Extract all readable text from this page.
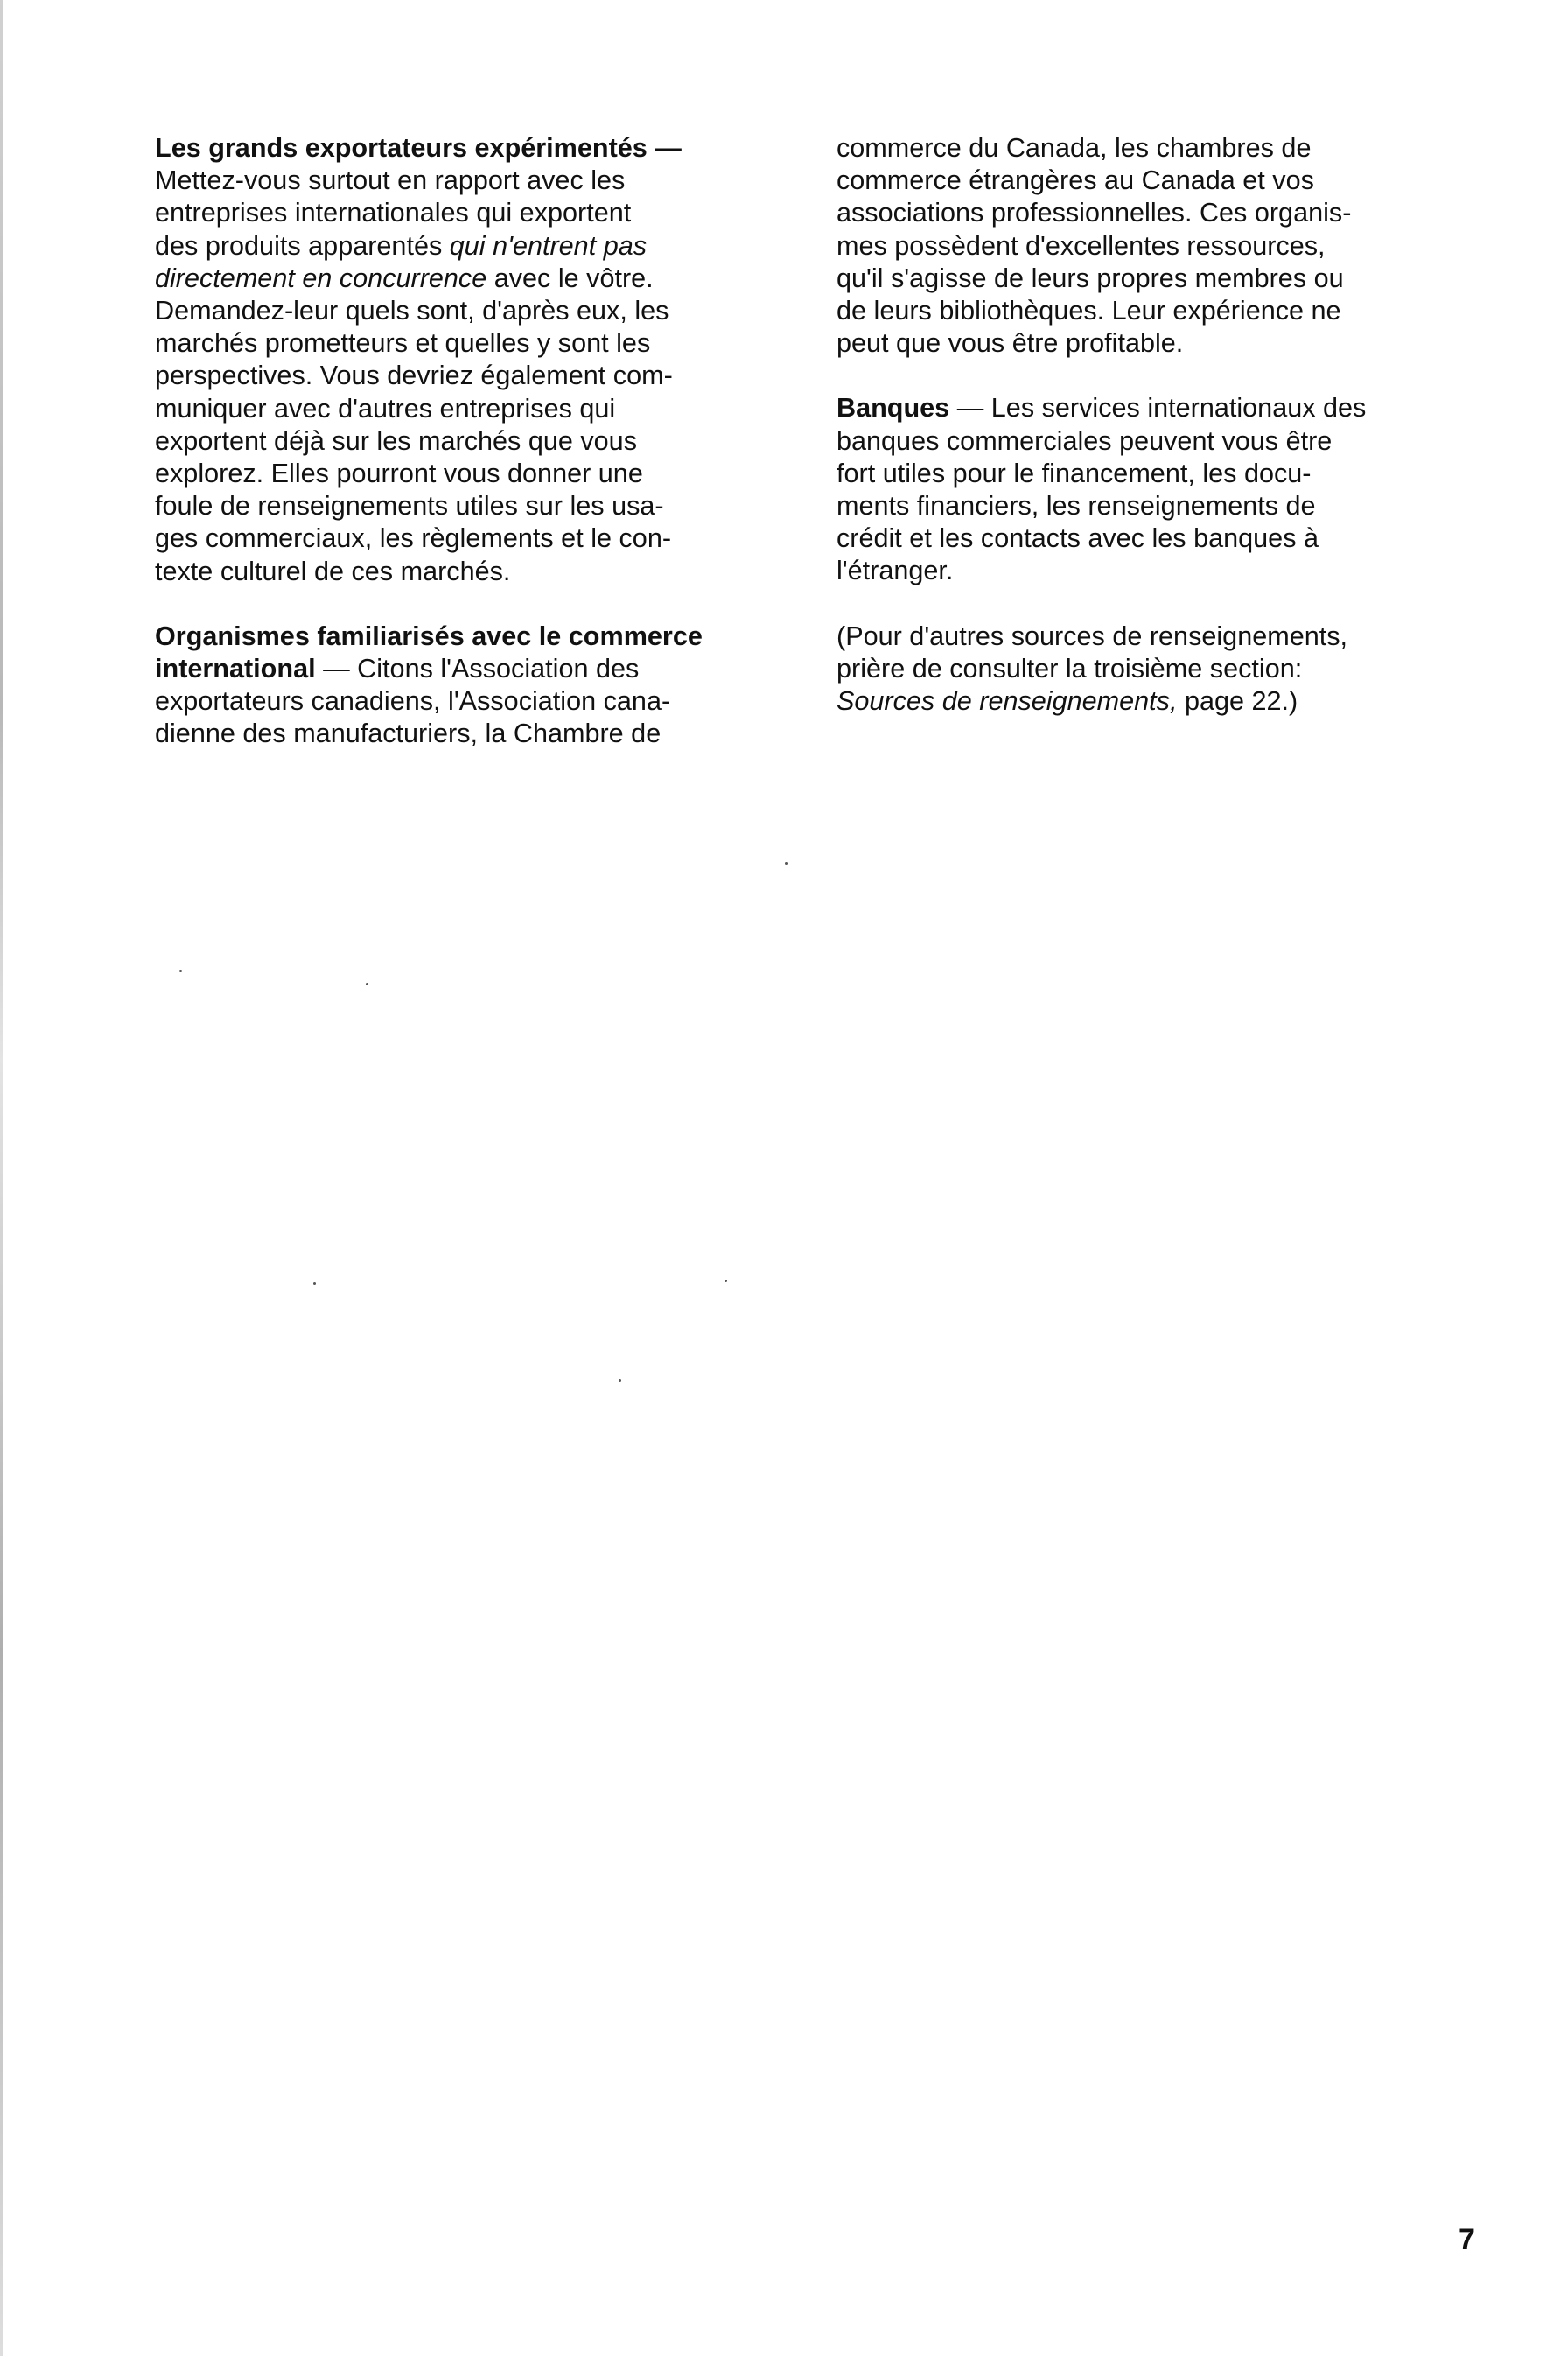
Les grands exportateurs expérimentés —
Mettez-vous surtout en rapport avec les
entreprises internationales qui exportent
des produits apparentés qui n'entrent pas
directement en concurrence avec le vôtre.
Demandez-leur quels sont, d'après eux, les
marchés prometteurs et quelles y sont les
perspectives. Vous devriez également com-
muniquer avec d'autres entreprises qui
exportent déjà sur les marchés que vous
explorez. Elles pourront vous donner une
foule de renseignements utiles sur les usa-
ges commerciaux, les règlements et le con-
texte culturel de ces marchés.

Organismes familiarisés avec le commerce
international — Citons l'Association des
exportateurs canadiens, l'Association cana-
dienne des manufacturiers, la Chambre de

commerce du Canada, les chambres de
commerce étrangères au Canada et vos
associations professionnelles. Ces organis-
mes possèdent d'excellentes ressources,
qu'il s'agisse de leurs propres membres ou
de leurs bibliothèques. Leur expérience ne
peut que vous être profitable.

Banques — Les services internationaux des
banques commerciales peuvent vous être
fort utiles pour le financement, les docu-
ments financiers, les renseignements de
crédit et les contacts avec les banques à
l'étranger.

(Pour d'autres sources de renseignements,
prière de consulter la troisième section:
Sources de renseignements, page 22.)

7
